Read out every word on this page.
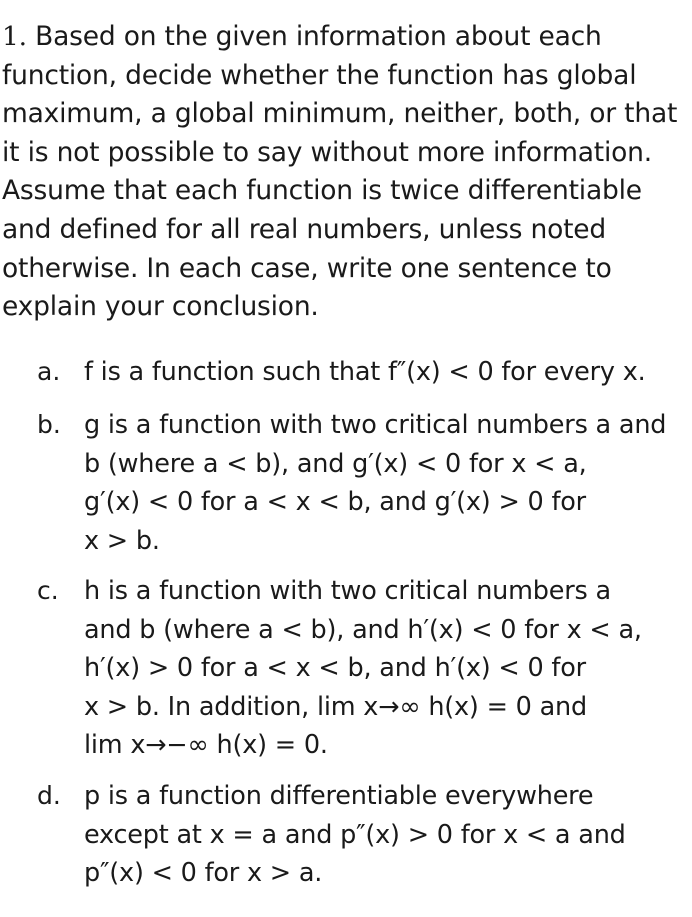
1. Based on the given information about each
function, decide whether the function has global
maximum, a global minimum, neither, both, or that
it is not possible to say without more information.
Assume that each function is twice differentiable
and defined for all real numbers, unless noted
otherwise. In each case, write one sentence to
explain your conclusion.

a. f is a function such that f″(x) < 0 for every x.
b. g is a function with two critical numbers a and
b (where a < b), and g′(x) < 0 for x < a,
g′(x) < 0 for a < x < b, and g′(x) > 0 for
x > b.
c. h is a function with two critical numbers a
and b (where a < b), and h′(x) < 0 for x < a,
h′(x) > 0 for a < x < b, and h′(x) < 0 for
x > b. In addition, lim x→∞ h(x) = 0 and
lim x→−∞ h(x) = 0.
d. p is a function differentiable everywhere
except at x = a and p″(x) > 0 for x < a and
p″(x) < 0 for x > a.
